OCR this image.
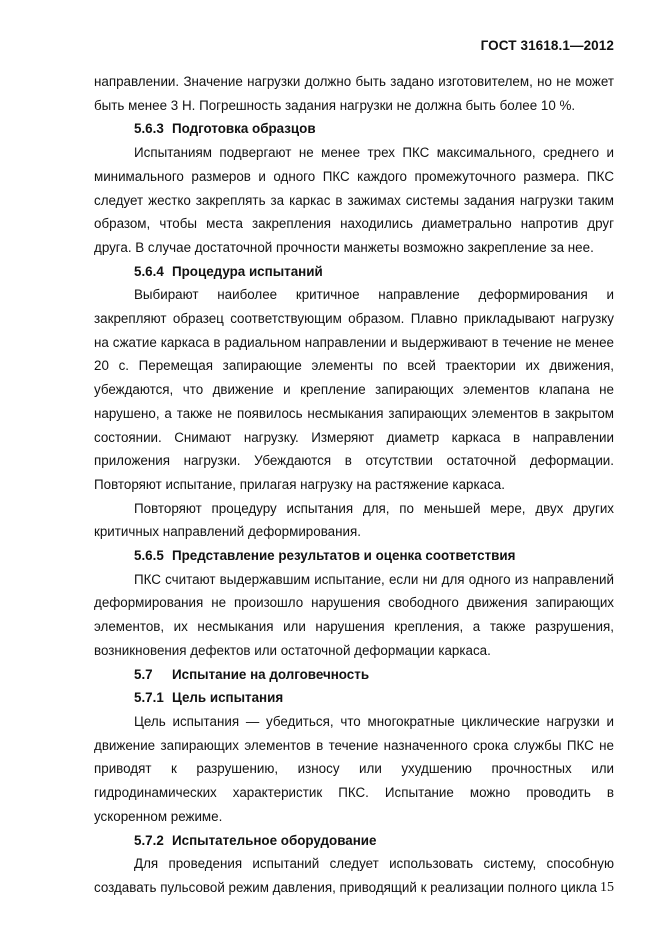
ГОСТ 31618.1—2012

направлении. Значение нагрузки должно быть задано изготовителем, но не может быть менее 3 Н. Погрешность задания нагрузки не должна быть более 10 %.

5.6.3 Подготовка образцов

Испытаниям подвергают не менее трех ПКС максимального, среднего и минимального размеров и одного ПКС каждого промежуточного размера. ПКС следует жестко закреплять за каркас в зажимах системы задания нагрузки таким образом, чтобы места закрепления находились диаметрально напротив друг друга. В случае достаточной прочности манжеты возможно закрепление за нее.

5.6.4 Процедура испытаний

Выбирают наиболее критичное направление деформирования и закрепляют образец соответствующим образом. Плавно прикладывают нагрузку на сжатие каркаса в радиальном направлении и выдерживают в течение не менее 20 с. Перемещая запирающие элементы по всей траектории их движения, убеждаются, что движение и крепление запирающих элементов клапана не нарушено, а также не появилось несмыкания запирающих элементов в закрытом состоянии. Снимают нагрузку. Измеряют диаметр каркаса в направлении приложения нагрузки. Убеждаются в отсутствии остаточной деформации. Повторяют испытание, прилагая нагрузку на растяжение каркаса.

Повторяют процедуру испытания для, по меньшей мере, двух других критичных направлений деформирования.

5.6.5 Представление результатов и оценка соответствия

ПКС считают выдержавшим испытание, если ни для одного из направлений деформирования не произошло нарушения свободного движения запирающих элементов, их несмыкания или нарушения крепления, а также разрушения, возникновения дефектов или остаточной деформации каркаса.

5.7 Испытание на долговечность

5.7.1 Цель испытания

Цель испытания — убедиться, что многократные циклические нагрузки и движение запирающих элементов в течение назначенного срока службы ПКС не приводят к разрушению, износу или ухудшению прочностных или гидродинамических характеристик ПКС. Испытание можно проводить в ускоренном режиме.

5.7.2 Испытательное оборудование

Для проведения испытаний следует использовать систему, способную создавать пульсовой режим давления, приводящий к реализации полного цикла 15
